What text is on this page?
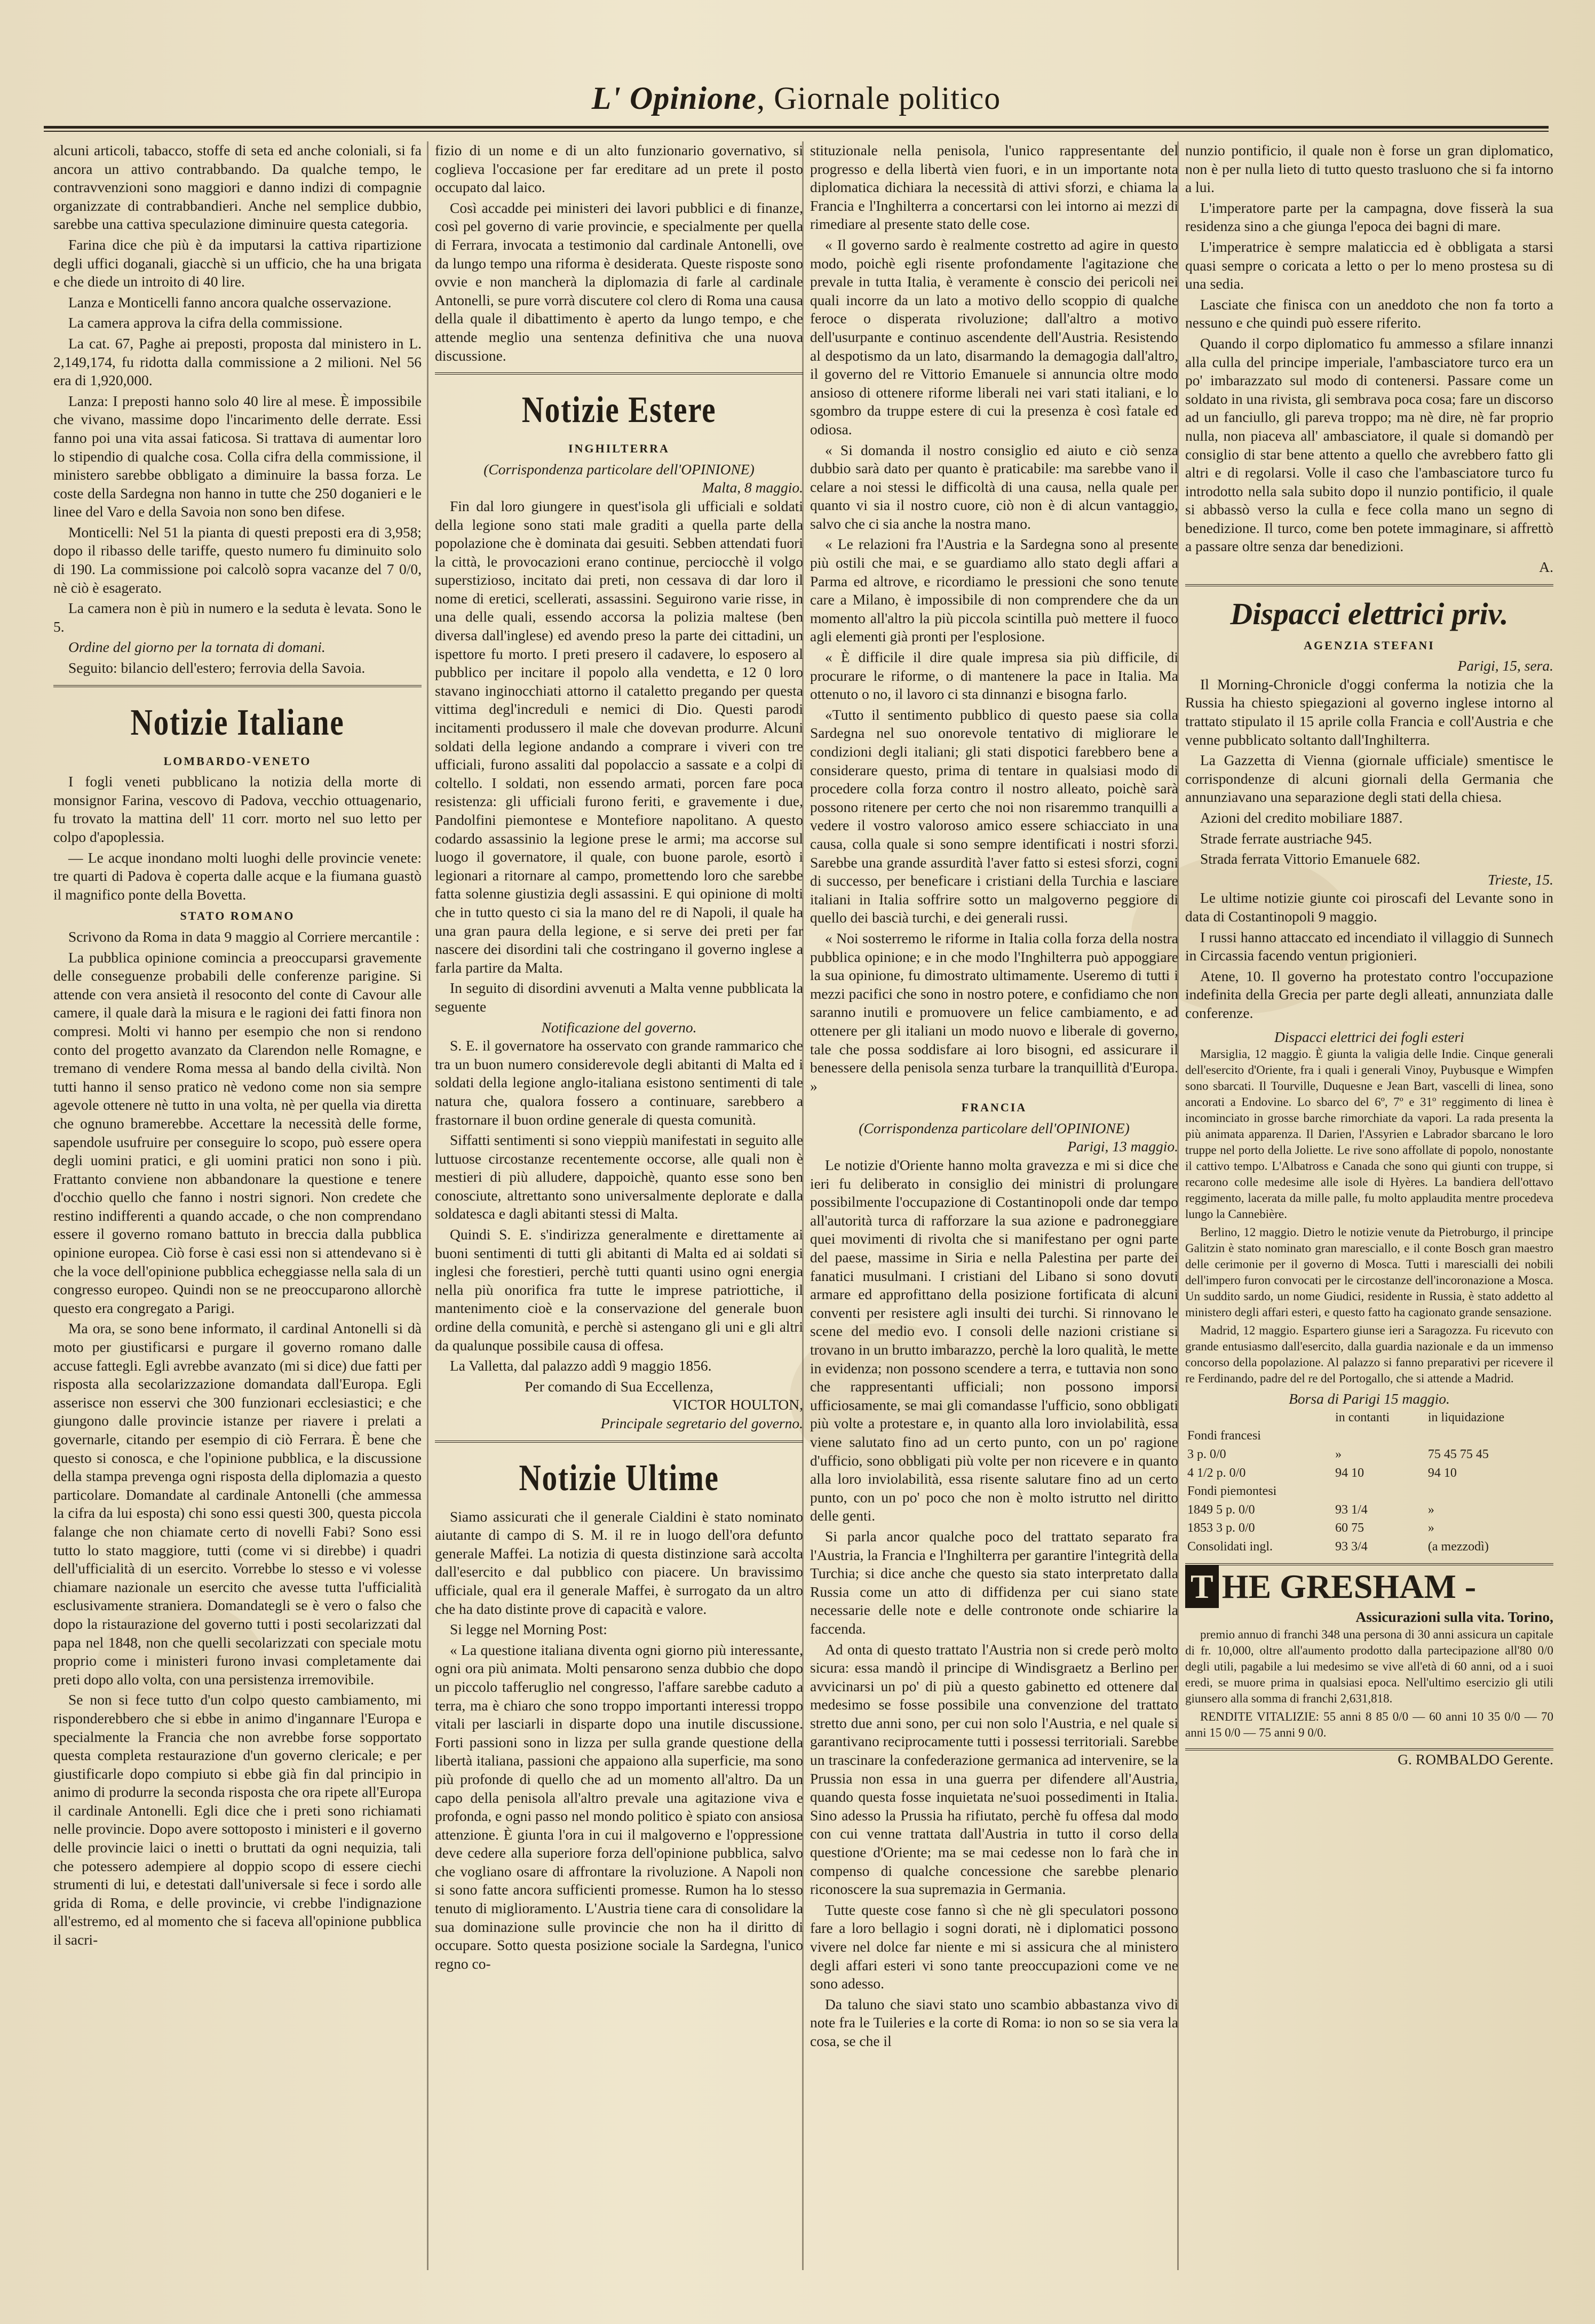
L' Opinione, Giornale politico

alcuni articoli, tabacco, stoffe di seta ed anche coloniali, si fa ancora un attivo contrabbando. Da qualche tempo, le contravvenzioni sono maggiori e danno indizi di compagnie organizzate di contrabbandieri. Anche nel semplice dubbio, sarebbe una cattiva speculazione diminuire questa categoria.

Farina dice che più è da imputarsi la cattiva ripartizione degli uffici doganali, giacchè si un ufficio, che ha una brigata e che diede un introito di 40 lire.

Lanza e Monticelli fanno ancora qualche osservazione.

La camera approva la cifra della commissione.

La cat. 67, Paghe ai preposti, proposta dal ministero in L. 2,149,174, fu ridotta dalla commissione a 2 milioni. Nel 56 era di 1,920,000.

Lanza: I preposti hanno solo 40 lire al mese. È impossibile che vivano, massime dopo l'incarimento delle derrate. Essi fanno poi una vita assai faticosa. Si trattava di aumentar loro lo stipendio di qualche cosa. Colla cifra della commissione, il ministero sarebbe obbligato a diminuire la bassa forza. Le coste della Sardegna non hanno in tutte che 250 doganieri e le linee del Varo e della Savoia non sono ben difese.

Monticelli: Nel 51 la pianta di questi preposti era di 3,958; dopo il ribasso delle tariffe, questo numero fu diminuito solo di 190. La commissione poi calcolò sopra vacanze del 7 0/0, nè ciò è esagerato.

La camera non è più in numero e la seduta è levata. Sono le 5.

Ordine del giorno per la tornata di domani.

Seguito: bilancio dell'estero; ferrovia della Savoia.

Notizie Italiane
LOMBARDO-VENETO

I fogli veneti pubblicano la notizia della morte di monsignor Farina, vescovo di Padova, vecchio ottuagenario, fu trovato la mattina dell' 11 corr. morto nel suo letto per colpo d'apoplessia.

— Le acque inondano molti luoghi delle provincie venete: tre quarti di Padova è coperta dalle acque e la fiumana guastò il magnifico ponte della Bovetta.

STATO ROMANO

Scrivono da Roma in data 9 maggio al Corriere mercantile :

La pubblica opinione comincia a preoccuparsi gravemente delle conseguenze probabili delle conferenze parigine. Si attende con vera ansietà il resoconto del conte di Cavour alle camere, il quale darà la misura e le ragioni dei fatti finora non compresi. Molti vi hanno per esempio che non si rendono conto del progetto avanzato da Clarendon nelle Romagne, e tremano di vendere Roma messa al bando della civiltà. Non tutti hanno il senso pratico nè vedono come non sia sempre agevole ottenere nè tutto in una volta, nè per quella via diretta che ognuno bramerebbe. Accettare la necessità delle forme, sapendole usufruire per conseguire lo scopo, può essere opera degli uomini pratici, e gli uomini pratici non sono i più. Frattanto conviene non abbandonare la questione e tenere d'occhio quello che fanno i nostri signori. Non credete che restino indifferenti a quando accade, o che non comprendano essere il governo romano battuto in breccia dalla pubblica opinione europea. Ciò forse è casi essi non si attendevano si è che la voce dell'opinione pubblica echeggiasse nella sala di un congresso europeo. Quindi non se ne preoccuparono allorchè questo era congregato a Parigi.

Ma ora, se sono bene informato, il cardinal Antonelli si dà moto per giustificarsi e purgare il governo romano dalle accuse fattegli. Egli avrebbe avanzato (mi si dice) due fatti per risposta alla secolarizzazione domandata dall'Europa. Egli asserisce non esservi che 300 funzionari ecclesiastici; e che giungono dalle provincie istanze per riavere i prelati a governarle, citando per esempio di ciò Ferrara. È bene che questo si conosca, e che l'opinione pubblica, e la discussione della stampa prevenga ogni risposta della diplomazia a questo particolare. Domandate al cardinale Antonelli (che ammessa la cifra da lui esposta) chi sono essi questi 300, questa piccola falange che non chiamate certo di novelli Fabi? Sono essi tutto lo stato maggiore, tutti (come vi si direbbe) i quadri dell'ufficialità di un esercito. Vorrebbe lo stesso e vi volesse chiamare nazionale un esercito che avesse tutta l'ufficialità esclusivamente straniera. Domandategli se è vero o falso che dopo la ristaurazione del governo tutti i posti secolarizzati dal papa nel 1848, non che quelli secolarizzati con speciale motu proprio come i ministeri furono invasi completamente dai preti dopo allo volta, con una persistenza irremovibile.

Se non si fece tutto d'un colpo questo cambiamento, mi risponderebbero che si ebbe in animo d'ingannare l'Europa e specialmente la Francia che non avrebbe forse sopportato questa completa restaurazione d'un governo clericale; e per giustificarle dopo compiuto si ebbe già fin dal principio in animo di produrre la seconda risposta che ora ripete all'Europa il cardinale Antonelli. Egli dice che i preti sono richiamati nelle provincie. Dopo avere sottoposto i ministeri e il governo delle provincie laici o inetti o bruttati da ogni nequizia, tali che potessero adempiere al doppio scopo di essere ciechi strumenti di lui, e detestati dall'universale si fece i sordo alle grida di Roma, e delle provincie, vi crebbe l'indignazione all'estremo, ed al momento che si faceva all'opinione pubblica il sacri-

fizio di un nome e di un alto funzionario governativo, si coglieva l'occasione per far ereditare ad un prete il posto occupato dal laico.

Così accadde pei ministeri dei lavori pubblici e di finanze, così pel governo di varie provincie, e specialmente per quella di Ferrara, invocata a testimonio dal cardinale Antonelli, ove da lungo tempo una riforma è desiderata. Queste risposte sono ovvie e non mancherà la diplomazia di farle al cardinale Antonelli, se pure vorrà discutere col clero di Roma una causa della quale il dibattimento è aperto da lungo tempo, e che attende meglio una sentenza definitiva che una nuova discussione.

Notizie Estere
INGHILTERRA
(Corrispondenza particolare dell'OPINIONE)
Malta, 8 maggio.

Fin dal loro giungere in quest'isola gli ufficiali e soldati della legione sono stati male graditi a quella parte della popolazione che è dominata dai gesuiti. Sebben attendati fuori la città, le provocazioni erano continue, perciocchè il volgo superstizioso, incitato dai preti, non cessava di dar loro il nome di eretici, scellerati, assassini. Seguirono varie risse, in una delle quali, essendo accorsa la polizia maltese (ben diversa dall'inglese) ed avendo preso la parte dei cittadini, un ispettore fu morto. I preti presero il cadavere, lo esposero al pubblico per incitare il popolo alla vendetta, e 12 0 loro stavano inginocchiati attorno il cataletto pregando per questa vittima degl'increduli e nemici di Dio. Questi parodi incitamenti produssero il male che dovevan produrre. Alcuni soldati della legione andando a comprare i viveri con tre ufficiali, furono assaliti dal popolaccio a sassate e a colpi di coltello. I soldati, non essendo armati, porcen fare poca resistenza: gli ufficiali furono feriti, e gravemente i due, Pandolfini piemontese e Montefiore napolitano. A questo codardo assassinio la legione prese le armi; ma accorse sul luogo il governatore, il quale, con buone parole, esortò i legionari a ritornare al campo, promettendo loro che sarebbe fatta solenne giustizia degli assassini. E qui opinione di molti che in tutto questo ci sia la mano del re di Napoli, il quale ha una gran paura della legione, e si serve dei preti per far nascere dei disordini tali che costringano il governo inglese a farla partire da Malta.

In seguito di disordini avvenuti a Malta venne pubblicata la seguente

Notificazione del governo.

S. E. il governatore ha osservato con grande rammarico che tra un buon numero considerevole degli abitanti di Malta ed i soldati della legione anglo-italiana esistono sentimenti di tale natura che, qualora fossero a continuare, sarebbero a frastornare il buon ordine generale di questa comunità.

Siffatti sentimenti si sono vieppiù manifestati in seguito alle luttuose circostanze recentemente occorse, alle quali non è mestieri di più alludere, dappoichè, quanto esse sono ben conosciute, altrettanto sono universalmente deplorate e dalla soldatesca e dagli abitanti stessi di Malta.

Quindi S. E. s'indirizza generalmente e direttamente ai buoni sentimenti di tutti gli abitanti di Malta ed ai soldati si inglesi che forestieri, perchè tutti quanti usino ogni energia nella più onorifica fra tutte le imprese patriottiche, il mantenimento cioè e la conservazione del generale buon ordine della comunità, e perchè si astengano gli uni e gli altri da qualunque possibile causa di offesa.

La Valletta, dal palazzo addì 9 maggio 1856.

Per comando di Sua Eccellenza,
VICTOR HOULTON,
Principale segretario del governo.
Notizie Ultime

Siamo assicurati che il generale Cialdini è stato nominato aiutante di campo di S. M. il re in luogo dell'ora defunto generale Maffei. La notizia di questa distinzione sarà accolta dall'esercito e dal pubblico con piacere. Un bravissimo ufficiale, qual era il generale Maffei, è surrogato da un altro che ha dato distinte prove di capacità e valore.

Si legge nel Morning Post:

« La questione italiana diventa ogni giorno più interessante, ogni ora più animata. Molti pensarono senza dubbio che dopo un piccolo tafferuglio nel congresso, l'affare sarebbe caduto a terra, ma è chiaro che sono troppo importanti interessi troppo vitali per lasciarli in disparte dopo una inutile discussione. Forti passioni sono in lizza per sulla grande questione della libertà italiana, passioni che appaiono alla superficie, ma sono più profonde di quello che ad un momento all'altro. Da un capo della penisola all'altro prevale una agitazione viva e profonda, e ogni passo nel mondo politico è spiato con ansiosa attenzione. È giunta l'ora in cui il malgoverno e l'oppressione deve cedere alla superiore forza dell'opinione pubblica, salvo che vogliano osare di affrontare la rivoluzione. A Napoli non si sono fatte ancora sufficienti promesse. Rumon ha lo stesso tenuto di miglioramento. L'Austria tiene cara di consolidare la sua dominazione sulle provincie che non ha il diritto di occupare. Sotto questa posizione sociale la Sardegna, l'unico regno co-

stituzionale nella penisola, l'unico rappresentante del progresso e della libertà vien fuori, e in un importante nota diplomatica dichiara la necessità di attivi sforzi, e chiama la Francia e l'Inghilterra a concertarsi con lei intorno ai mezzi di rimediare al presente stato delle cose.

« Il governo sardo è realmente costretto ad agire in questo modo, poichè egli risente profondamente l'agitazione che prevale in tutta Italia, è veramente è conscio dei pericoli nei quali incorre da un lato a motivo dello scoppio di qualche feroce o disperata rivoluzione; dall'altro a motivo dell'usurpante e continuo ascendente dell'Austria. Resistendo al despotismo da un lato, disarmando la demagogia dall'altro, il governo del re Vittorio Emanuele si annuncia oltre modo ansioso di ottenere riforme liberali nei vari stati italiani, e lo sgombro da truppe estere di cui la presenza è così fatale ed odiosa.

« Si domanda il nostro consiglio ed aiuto e ciò senza dubbio sarà dato per quanto è praticabile: ma sarebbe vano il celare a noi stessi le difficoltà di una causa, nella quale per quanto vi sia il nostro cuore, ciò non è di alcun vantaggio, salvo che ci sia anche la nostra mano.

« Le relazioni fra l'Austria e la Sardegna sono al presente più ostili che mai, e se guardiamo allo stato degli affari a Parma ed altrove, e ricordiamo le pressioni che sono tenute care a Milano, è impossibile di non comprendere che da un momento all'altro la più piccola scintilla può mettere il fuoco agli elementi già pronti per l'esplosione.

« È difficile il dire quale impresa sia più difficile, di procurare le riforme, o di mantenere la pace in Italia. Ma ottenuto o no, il lavoro ci sta dinnanzi e bisogna farlo.

«Tutto il sentimento pubblico di questo paese sia colla Sardegna nel suo onorevole tentativo di migliorare le condizioni degli italiani; gli stati dispotici farebbero bene a considerare questo, prima di tentare in qualsiasi modo di procedere colla forza contro il nostro alleato, poichè sarà possono ritenere per certo che noi non risaremmo tranquilli a vedere il vostro valoroso amico essere schiacciato in una causa, colla quale si sono sempre identificati i nostri sforzi. Sarebbe una grande assurdità l'aver fatto si estesi sforzi, cogni di successo, per beneficare i cristiani della Turchia e lasciare italiani in Italia soffrire sotto un malgoverno peggiore di quello dei bascià turchi, e dei generali russi.

« Noi sosterremo le riforme in Italia colla forza della nostra pubblica opinione; e in che modo l'Inghilterra può appoggiare la sua opinione, fu dimostrato ultimamente. Useremo di tutti i mezzi pacifici che sono in nostro potere, e confidiamo che non saranno inutili e promuovere un felice cambiamento, e ad ottenere per gli italiani un modo nuovo e liberale di governo, tale che possa soddisfare ai loro bisogni, ed assicurare il benessere della penisola senza turbare la tranquillità d'Europa. »

FRANCIA
(Corrispondenza particolare dell'OPINIONE)
Parigi, 13 maggio.

Le notizie d'Oriente hanno molta gravezza e mi si dice che ieri fu deliberato in consiglio dei ministri di prolungare possibilmente l'occupazione di Costantinopoli onde dar tempo all'autorità turca di rafforzare la sua azione e padroneggiare quei movimenti di rivolta che si manifestano per ogni parte del paese, massime in Siria e nella Palestina per parte dei fanatici musulmani. I cristiani del Libano si sono dovuti armare ed approfittano della posizione fortificata di alcuni conventi per resistere agli insulti dei turchi. Si rinnovano le scene del medio evo. I consoli delle nazioni cristiane si trovano in un brutto imbarazzo, perchè la loro qualità, le mette in evidenza; non possono scendere a terra, e tuttavia non sono che rappresentanti ufficiali; non possono imporsi ufficiosamente, se mai gli comandasse l'ufficio, sono obbligati più volte a protestare e, in quanto alla loro inviolabilità, essa viene salutato fino ad un certo punto, con un po' ragione d'ufficio, sono obbligati più volte per non ricevere e in quanto alla loro inviolabilità, essa risente salutare fino ad un certo punto, con un po' poco che non è molto istrutto nel diritto delle genti.

Si parla ancor qualche poco del trattato separato fra l'Austria, la Francia e l'Inghilterra per garantire l'integrità della Turchia; si dice anche che questo sia stato interpretato dalla Russia come un atto di diffidenza per cui siano state necessarie delle note e delle contronote onde schiarire la faccenda.

Ad onta di questo trattato l'Austria non si crede però molto sicura: essa mandò il principe di Windisgraetz a Berlino per avvicinarsi un po' di più a questo gabinetto ed ottenere dal medesimo se fosse possibile una convenzione del trattato stretto due anni sono, per cui non solo l'Austria, e nel quale si garantivano reciprocamente tutti i possessi territoriali. Sarebbe un trascinare la confederazione germanica ad intervenire, se la Prussia non essa in una guerra per difendere all'Austria, quando questa fosse inquietata ne'suoi possedimenti in Italia. Sino adesso la Prussia ha rifiutato, perchè fu offesa dal modo con cui venne trattata dall'Austria in tutto il corso della questione d'Oriente; ma se mai cedesse non lo farà che in compenso di qualche concessione che sarebbe plenario riconoscere la sua supremazia in Germania.

Tutte queste cose fanno sì che nè gli speculatori possono fare a loro bellagio i sogni dorati, nè i diplomatici possono vivere nel dolce far niente e mi si assicura che al ministero degli affari esteri vi sono tante preoccupazioni come ve ne sono adesso.

Da taluno che siavi stato uno scambio abbastanza vivo di note fra le Tuileries e la corte di Roma: io non so se sia vera la cosa, se che il

nunzio pontificio, il quale non è forse un gran diplomatico, non è per nulla lieto di tutto questo trasluono che si fa intorno a lui.

L'imperatore parte per la campagna, dove fisserà la sua residenza sino a che giunga l'epoca dei bagni di mare.

L'imperatrice è sempre malaticcia ed è obbligata a starsi quasi sempre o coricata a letto o per lo meno prostesa su di una sedia.

Lasciate che finisca con un aneddoto che non fa torto a nessuno e che quindi può essere riferito.

Quando il corpo diplomatico fu ammesso a sfilare innanzi alla culla del principe imperiale, l'ambasciatore turco era un po' imbarazzato sul modo di contenersi. Passare come un soldato in una rivista, gli sembrava poca cosa; fare un discorso ad un fanciullo, gli pareva troppo; ma nè dire, nè far proprio nulla, non piaceva all' ambasciatore, il quale si domandò per consiglio di star bene attento a quello che avrebbero fatto gli altri e di regolarsi. Volle il caso che l'ambasciatore turco fu introdotto nella sala subito dopo il nunzio pontificio, il quale si abbassò verso la culla e fece colla mano un segno di benedizione. Il turco, come ben potete immaginare, si affrettò a passare oltre senza dar benedizioni.

A.
Dispacci elettrici priv.
AGENZIA STEFANI
Parigi, 15, sera.

Il Morning-Chronicle d'oggi conferma la notizia che la Russia ha chiesto spiegazioni al governo inglese intorno al trattato stipulato il 15 aprile colla Francia e coll'Austria e che venne pubblicato soltanto dall'Inghilterra.

La Gazzetta di Vienna (giornale ufficiale) smentisce le corrispondenze di alcuni giornali della Germania che annunziavano una separazione degli stati della chiesa.

Azioni del credito mobiliare 1887.

Strade ferrate austriache 945.

Strada ferrata Vittorio Emanuele 682.

Trieste, 15.

Le ultime notizie giunte coi piroscafi del Levante sono in data di Costantinopoli 9 maggio.

I russi hanno attaccato ed incendiato il villaggio di Sunnech in Circassia facendo ventun prigionieri.

Atene, 10. Il governo ha protestato contro l'occupazione indefinita della Grecia per parte degli alleati, annunziata dalle conferenze.

Dispacci elettrici dei fogli esteri

Marsiglia, 12 maggio. È giunta la valigia delle Indie. Cinque generali dell'esercito d'Oriente, fra i quali i generali Vinoy, Puybusque e Wimpfen sono sbarcati. Il Tourville, Duquesne e Jean Bart, vascelli di linea, sono ancorati a Endovine. Lo sbarco del 6º, 7º e 31º reggimento di linea è incominciato in grosse barche rimorchiate da vapori. La rada presenta la più animata apparenza. Il Darien, l'Assyrien e Labrador sbarcano le loro truppe nel porto della Joliette. Le rive sono affollate di popolo, nonostante il cattivo tempo. L'Albatross e Canada che sono qui giunti con truppe, si recarono colle medesime alle isole di Hyères. La bandiera dell'ottavo reggimento, lacerata da mille palle, fu molto applaudita mentre procedeva lungo la Cannebière.

Berlino, 12 maggio. Dietro le notizie venute da Pietroburgo, il principe Galitzin è stato nominato gran maresciallo, e il conte Bosch gran maestro delle cerimonie per il governo di Mosca. Tutti i marescialli dei nobili dell'impero furon convocati per le circostanze dell'incoronazione a Mosca. Un suddito sardo, un nome Giudici, residente in Russia, è stato addetto al ministero degli affari esteri, e questo fatto ha cagionato grande sensazione.

Madrid, 12 maggio. Espartero giunse ieri a Saragozza. Fu ricevuto con grande entusiasmo dall'esercito, dalla guardia nazionale e da un immenso concorso della popolazione. Al palazzo si fanno preparativi per ricevere il re Ferdinando, padre del re del Portogallo, che si attende a Madrid.

Borsa di Parigi 15 maggio.
	in contanti	in liquidazione
Fondi francesi		
3 p. 0/0	»	75 45 75 45
4 1/2 p. 0/0	94 10	94 10
Fondi piemontesi		
1849 5 p. 0/0	93 1/4	»
1853 3 p. 0/0	60 75	»
Consolidati ingl.	93 3/4	(a mezzodì)
T HE GRESHAM -
Assicurazioni sulla vita. Torino,

premio annuo di franchi 348 una persona di 30 anni assicura un capitale di fr. 10,000, oltre all'aumento prodotto dalla partecipazione all'80 0/0 degli utili, pagabile a lui medesimo se vive all'età di 60 anni, od a i suoi eredi, se muore prima in qualsiasi epoca. Nell'ultimo esercizio gli utili giunsero alla somma di franchi 2,631,818.

RENDITE VITALIZIE: 55 anni 8 85 0/0 — 60 anni 10 35 0/0 — 70 anni 15 0/0 — 75 anni 9 0/0.

G. ROMBALDO Gerente.
